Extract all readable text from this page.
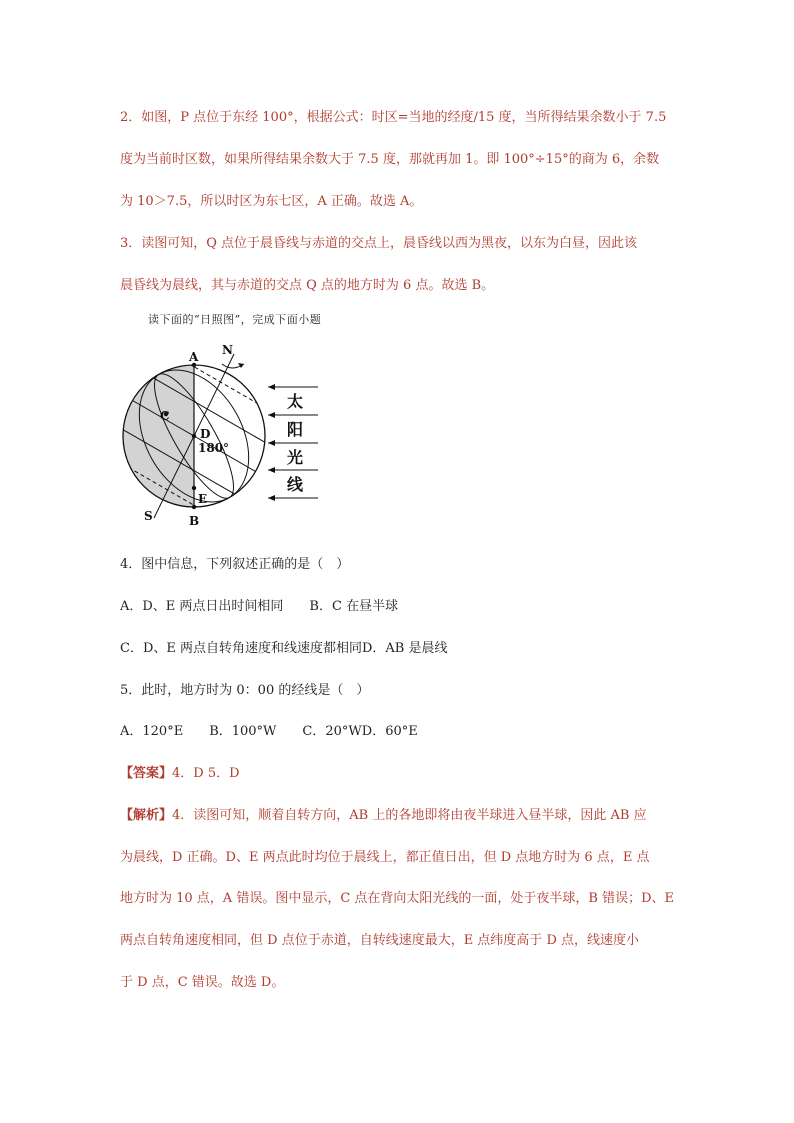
2．如图，P 点位于东经 100°，根据公式：时区=当地的经度/15 度，当所得结果余数小于 7.5
度为当前时区数，如果所得结果余数大于 7.5 度，那就再加 1。即 100°÷15°的商为 6，余数
为 10＞7.5，所以时区为东七区，A 正确。故选 A。
3．读图可知，Q 点位于晨昏线与赤道的交点上，晨昏线以西为黑夜，以东为白昼，因此该
晨昏线为晨线，其与赤道的交点 Q 点的地方时为 6 点。故选 B。
读下面的“日照图”，完成下面小题
A
B
C
D
E
N
S
180°
太
阳
光
线
4．图中信息，下列叙述正确的是（　）
A．D、E 两点日出时间相同　　B．C 在昼半球
C．D、E 两点自转角速度和线速度都相同D．AB 是晨线
5．此时，地方时为 0：00 的经线是（　）
A．120°E　　B．100°W　　C．20°WD．60°E
【答案】4．D 5．D
【解析】4．读图可知，顺着自转方向，AB 上的各地即将由夜半球进入昼半球，因此 AB 应
为晨线，D 正确。D、E 两点此时均位于晨线上，都正值日出，但 D 点地方时为 6 点，E 点
地方时为 10 点，A 错误。图中显示，C 点在背向太阳光线的一面，处于夜半球，B 错误；D、E
两点自转角速度相同，但 D 点位于赤道，自转线速度最大，E 点纬度高于 D 点，线速度小
于 D 点，C 错误。故选 D。
